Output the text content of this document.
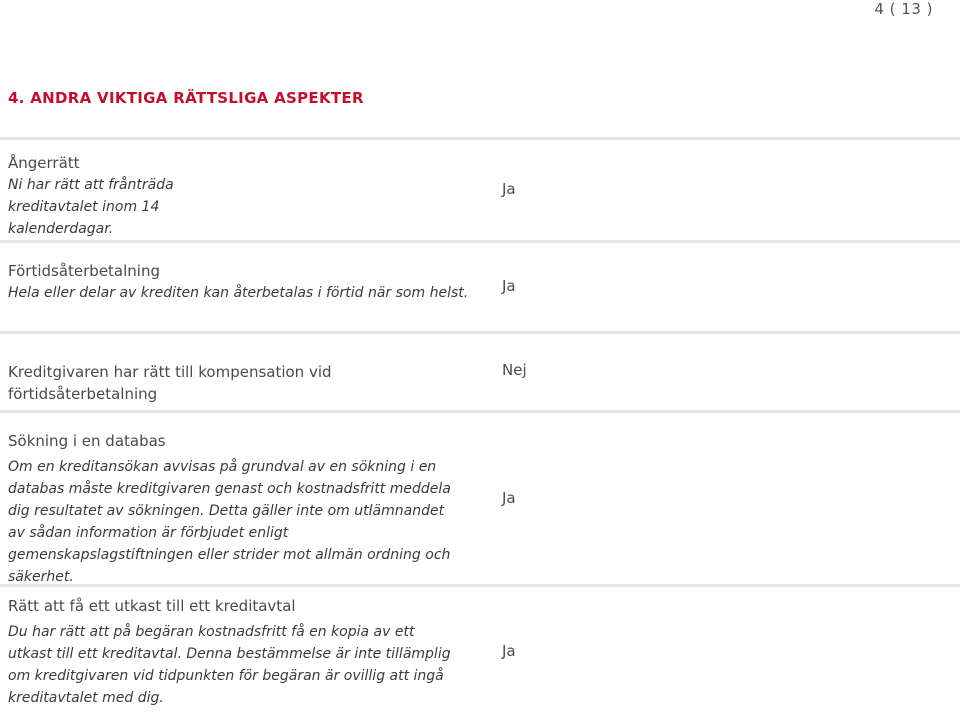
4 ( 13 )
4. ANDRA VIKTIGA RÄTTSLIGA ASPEKTER
Ångerrätt
Ni har rätt att frånträda kreditavtalet inom 14 kalenderdagar.
Ja
Förtidsåterbetalning
Hela eller delar av krediten kan återbetalas i förtid när som helst.	Ja
Kreditgivaren har rätt till kompensation vid förtidsåterbetalning
Nej
Sökning i en databas
Om en kreditansökan avvisas på grundval av en sökning i en databas måste kreditgivaren genast och kostnadsfritt meddela dig resultatet av sökningen. Detta gäller inte om utlämnandet av sådan information är förbjudet enligt gemenskapslagstiftningen eller strider mot allmän ordning och säkerhet.
Ja
Rätt att få ett utkast till ett kreditavtal
Du har rätt att på begäran kostnadsfritt få en kopia av ett utkast till ett kreditavtal. Denna bestämmelse är inte tillämplig om kreditgivaren vid tidpunkten för begäran är ovillig att ingå kreditavtalet med dig.
Ja
